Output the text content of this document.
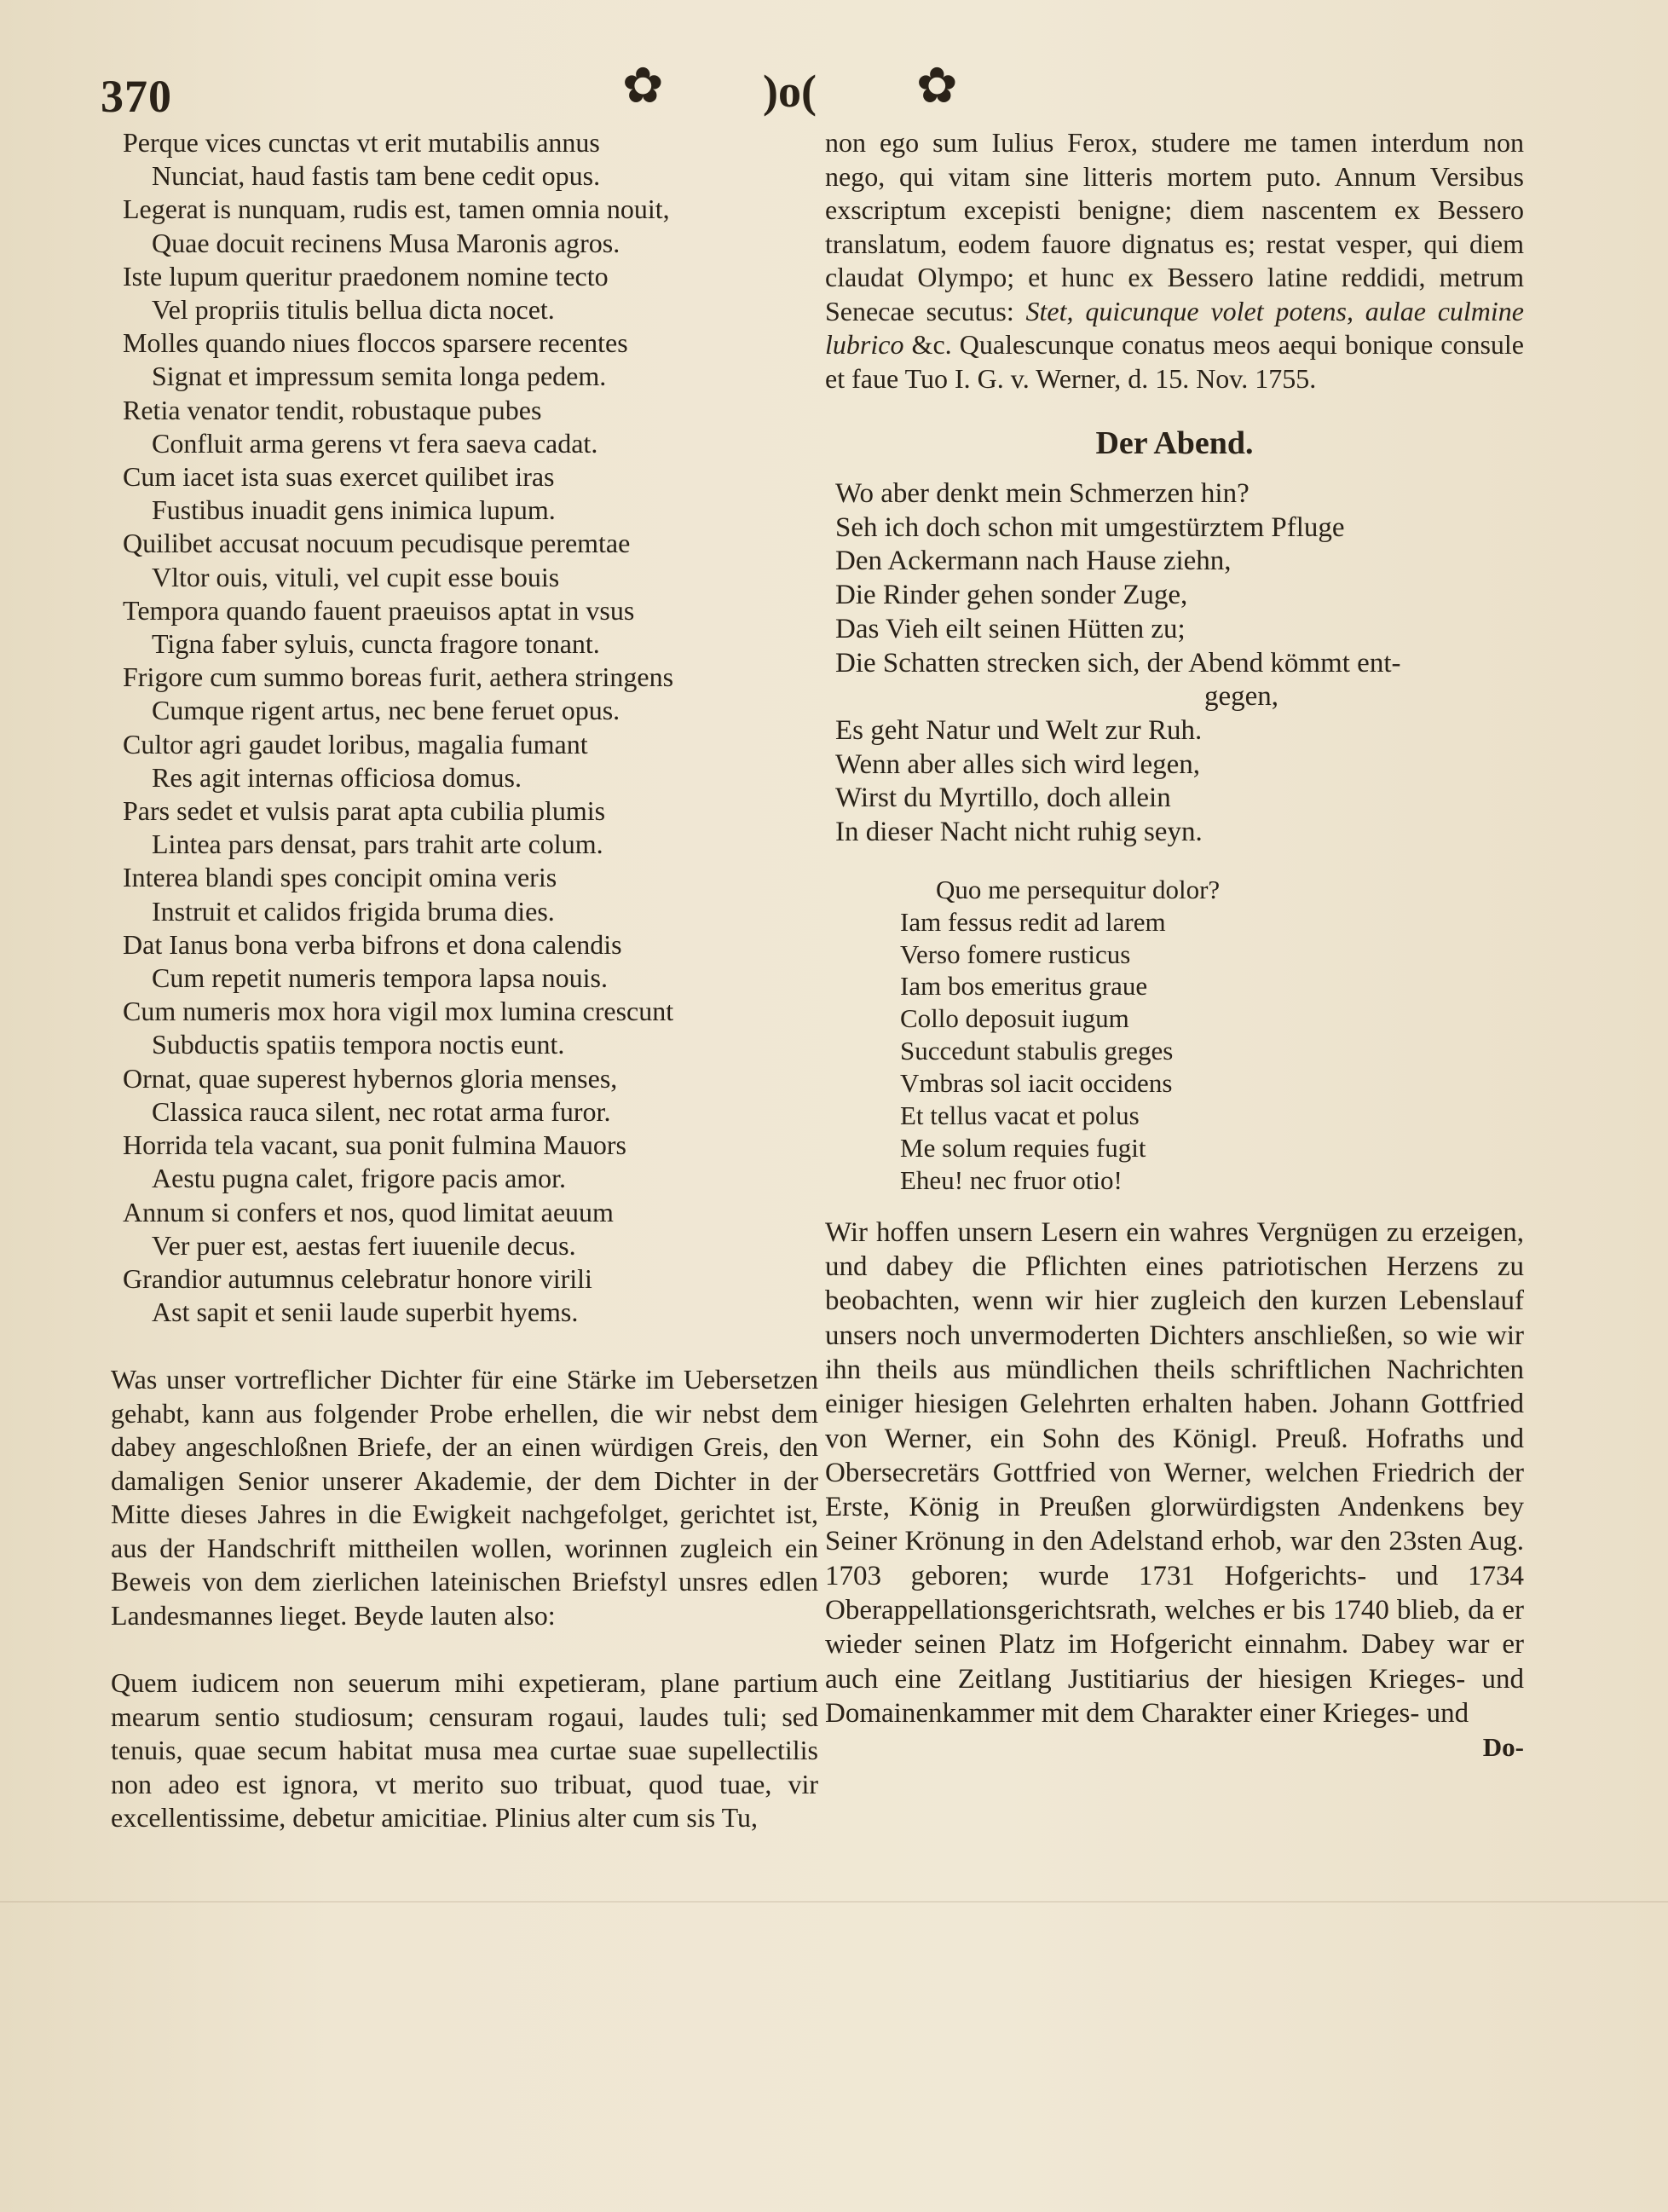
370	✿ )o( ✿
Perque vices cunctas vt erit mutabilis annus
Nunciat, haud fastis tam bene cedit opus.
Legerat is nunquam, rudis est, tamen omnia nouit,
Quae docuit recinens Musa Maronis agros.
Iste lupum queritur praedonem nomine tecto
Vel propriis titulis bellua dicta nocet.
Molles quando niues floccos sparsere recentes
Signat et impressum semita longa pedem.
Retia venator tendit, robustaque pubes
Confluit arma gerens vt fera saeva cadat.
Cum iacet ista suas exercet quilibet iras
Fustibus inuadit gens inimica lupum.
Quilibet accusat nocuum pecudisque peremtae
Vltor ouis, vituli, vel cupit esse bouis
Tempora quando fauent praeuisos aptat in vsus
Tigna faber syluis, cuncta fragore tonant.
Frigore cum summo boreas furit, aethera stringens
Cumque rigent artus, nec bene feruet opus.
Cultor agri gaudet loribus, magalia fumant
Res agit internas officiosa domus.
Pars sedet et vulsis parat apta cubilia plumis
Lintea pars densat, pars trahit arte colum.
Interea blandi spes concipit omina veris
Instruit et calidos frigida bruma dies.
Dat Ianus bona verba bifrons et dona calendis
Cum repetit numeris tempora lapsa nouis.
Cum numeris mox hora vigil mox lumina crescunt
Subductis spatiis tempora noctis eunt.
Ornat, quae superest hybernos gloria menses,
Classica rauca silent, nec rotat arma furor.
Horrida tela vacant, sua ponit fulmina Mauors
Aestu pugna calet, frigore pacis amor.
Annum si confers et nos, quod limitat aeuum
Ver puer est, aestas fert iuuenile decus.
Grandior autumnus celebratur honore virili
Ast sapit et senii laude superbit hyems.

Was unser vortreflicher Dichter für eine Stärke im Uebersetzen gehabt, kann aus folgender Probe erhellen, die wir nebst dem dabey angeschloßnen Briefe, der an einen würdigen Greis, den damaligen Senior unserer Akademie, der dem Dichter in der Mitte dieses Jahres in die Ewigkeit nachgefolget, gerichtet ist, aus der Handschrift mittheilen wollen, worinnen zugleich ein Beweis von dem zierlichen lateinischen Briefstyl unsres edlen Landesmannes lieget. Beyde lauten also:

Quem iudicem non seuerum mihi expetieram, plane partium mearum sentio studiosum; censuram rogaui, laudes tuli; sed tenuis, quae secum habitat musa mea curtae suae supellectilis non adeo est ignora, vt merito suo tribuat, quod tuae, vir excellentissime, debetur amicitiae. Plinius alter cum sis Tu,

non ego sum Iulius Ferox, studere me tamen interdum non nego, qui vitam sine litteris mortem puto. Annum Versibus exscriptum excepisti benigne; diem nascentem ex Bessero translatum, eodem fauore dignatus es; restat vesper, qui diem claudat Olympo; et hunc ex Bessero latine reddidi, metrum Senecae secutus: Stet, quicunque volet potens, aulae culmine lubrico &c. Qualescunque conatus meos aequi bonique consule et faue Tuo I. G. v. Werner, d. 15. Nov. 1755.

Der Abend.
Wo aber denkt mein Schmerzen hin?
Seh ich doch schon mit umgestürztem Pfluge
Den Ackermann nach Hause ziehn,
Die Rinder gehen sonder Zuge,
Das Vieh eilt seinen Hütten zu;
Die Schatten strecken sich, der Abend kömmt ent-
gegen,
Es geht Natur und Welt zur Ruh.
Wenn aber alles sich wird legen,
Wirst du Myrtillo, doch allein
In dieser Nacht nicht ruhig seyn.
Quo me persequitur dolor?
Iam fessus redit ad larem
Verso fomere rusticus
Iam bos emeritus graue
Collo deposuit iugum
Succedunt stabulis greges
Vmbras sol iacit occidens
Et tellus vacat et polus
Me solum requies fugit
Eheu! nec fruor otio!

Wir hoffen unsern Lesern ein wahres Vergnügen zu erzeigen, und dabey die Pflichten eines patriotischen Herzens zu beobachten, wenn wir hier zugleich den kurzen Lebenslauf unsers noch unvermoderten Dichters anschließen, so wie wir ihn theils aus mündlichen theils schriftlichen Nachrichten einiger hiesigen Gelehrten erhalten haben. Johann Gottfried von Werner, ein Sohn des Königl. Preuß. Hofraths und Obersecretärs Gottfried von Werner, welchen Friedrich der Erste, König in Preußen glorwürdigsten Andenkens bey Seiner Krönung in den Adelstand erhob, war den 23sten Aug. 1703 geboren; wurde 1731 Hofgerichts- und 1734 Oberappellationsgerichtsrath, welches er bis 1740 blieb, da er wieder seinen Platz im Hofgericht einnahm. Dabey war er auch eine Zeitlang Justitiarius der hiesigen Krieges- und Domainenkammer mit dem Charakter einer Krieges- und

Do-
